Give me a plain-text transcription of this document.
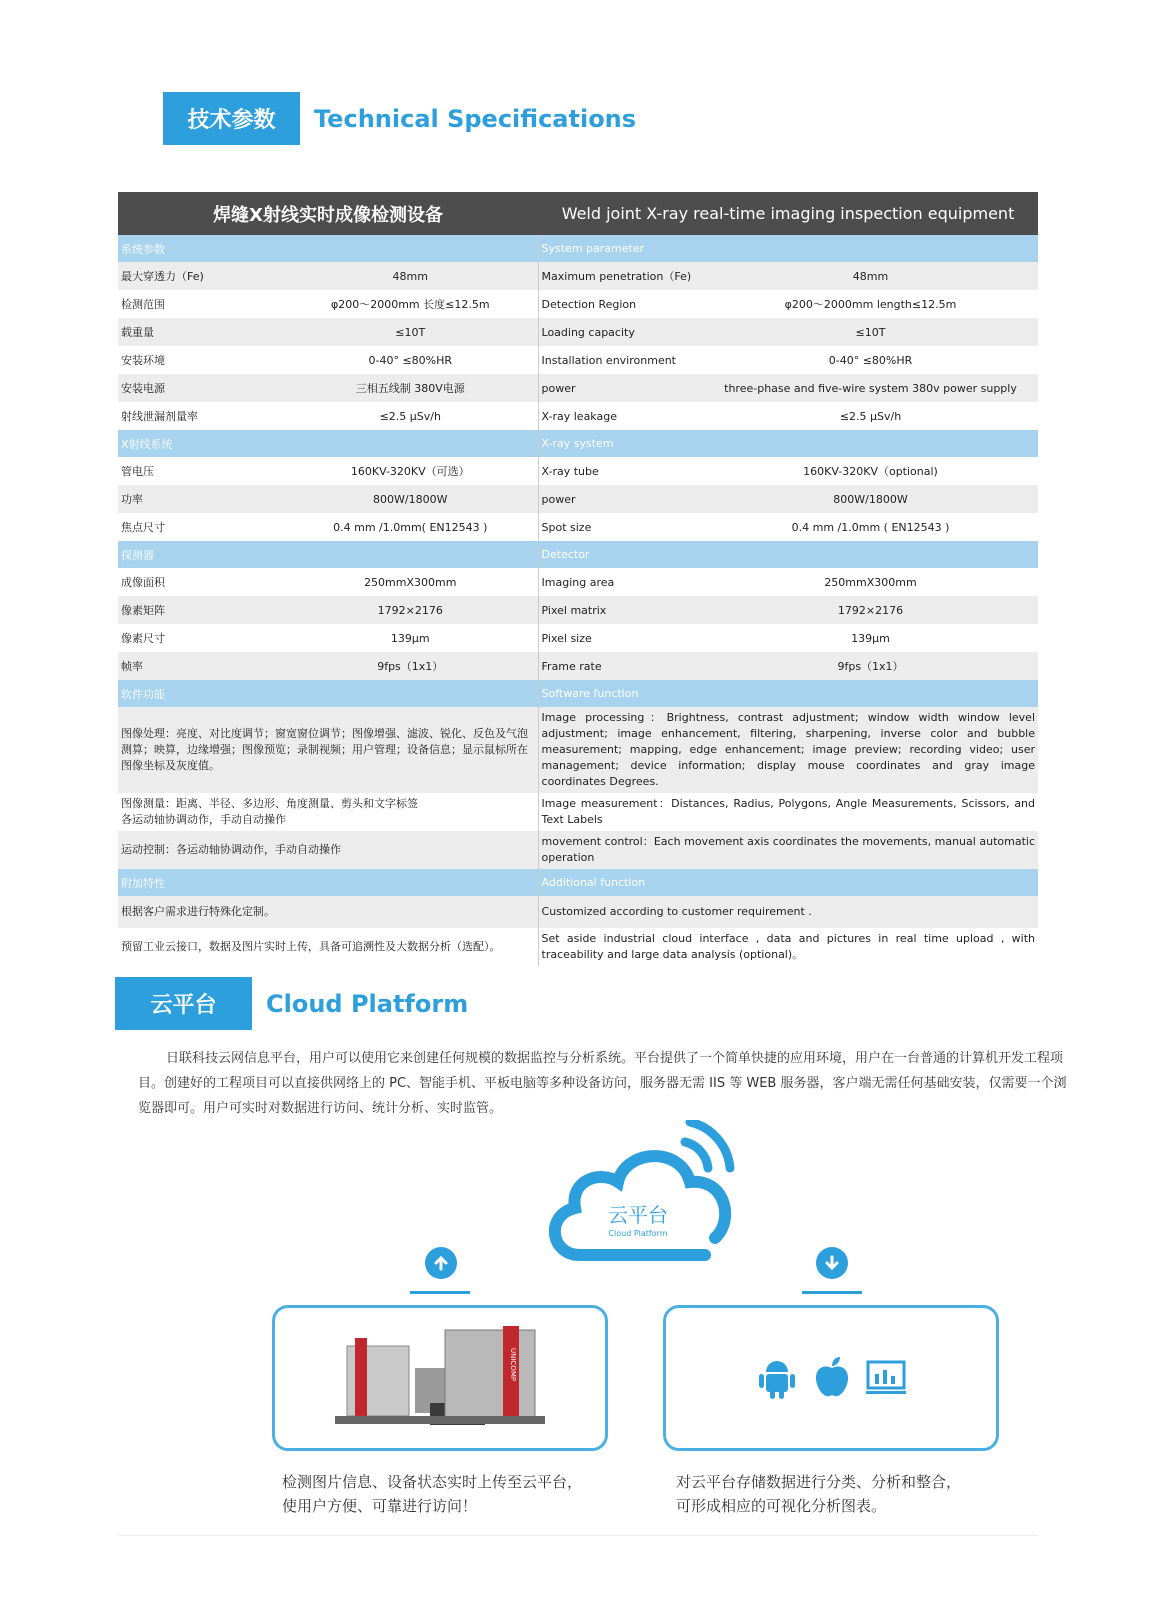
技术参数	Technical Specifications
焊缝X射线实时成像检测设备		Weld joint X-ray real-time imaging inspection equipment	
系统参数		System parameter	
最大穿透力（Fe)	48mm	Maximum penetration（Fe)	48mm
检测范围	φ200～2000mm 长度≤12.5m	Detection Region	φ200～2000mm length≤12.5m
载重量	≤10T	Loading capacity	≤10T
安装环境	0-40° ≤80%HR	Installation environment	0-40° ≤80%HR
安装电源	三相五线制 380V电源	power	three-phase and five-wire system 380v power supply
射线泄漏剂量率	≤2.5 μSv/h	X-ray leakage	≤2.5 μSv/h
X射线系统		X-ray system	
管电压	160KV-320KV（可选）	X-ray tube	160KV-320KV（optional)
功率	800W/1800W	power	800W/1800W
焦点尺寸	0.4 mm /1.0mm( EN12543 )	Spot size	0.4 mm /1.0mm ( EN12543 )
探测器		Detector	
成像面积	250mmX300mm	Imaging area	250mmX300mm
像素矩阵	1792×2176	Pixel matrix	1792×2176
像素尺寸	139μm	Pixel size	139μm
帧率	9fps（1x1）	Frame rate	9fps（1x1）
软件功能		Software function	
图像处理：亮度、对比度调节；窗宽窗位调节；图像增强、滤波、锐化、反色及气泡测算；映算，边缘增强；图像预览；录制视频；用户管理；设备信息；显示鼠标所在图像坐标及灰度值。		Image processing：Brightness, contrast adjustment; window width window level adjustment; image enhancement, filtering, sharpening, inverse color and bubble measurement; mapping, edge enhancement; image preview; recording video; user management; device information; display mouse coordinates and gray image coordinates Degrees.	
图像测量：距离、半径、多边形、角度测量、剪头和文字标签
各运动轴协调动作，手动自动操作		Image measurement：Distances, Radius, Polygons, Angle Measurements, Scissors, and Text Labels	
运动控制：各运动轴协调动作，手动自动操作		movement control：Each movement axis coordinates the movements, manual automatic operation	
附加特性		Additional function	
根据客户需求进行特殊化定制。		Customized according to customer requirement .	
预留工业云接口，数据及图片实时上传，具备可追溯性及大数据分析（选配）。		Set aside industrial cloud interface , data and pictures in real time upload , with traceability and large data analysis (optional)。	
云平台	Cloud Platform
日联科技云网信息平台，用户可以使用它来创建任何规模的数据监控与分析系统。平台提供了一个简单快捷的应用环境，用户在一台普通的计算机开发工程项目。创建好的工程项目可以直接供网络上的 PC、智能手机、平板电脑等多种设备访问，服务器无需 IIS 等 WEB 服务器，客户端无需任何基础安装，仅需要一个浏览器即可。用户可实时对数据进行访问、统计分析、实时监管。
云平台
Cloud Platform
UNICOMP
检测图片信息、设备状态实时上传至云平台，
使用户方便、可靠进行访问！
对云平台存储数据进行分类、分析和整合，
可形成相应的可视化分析图表。
